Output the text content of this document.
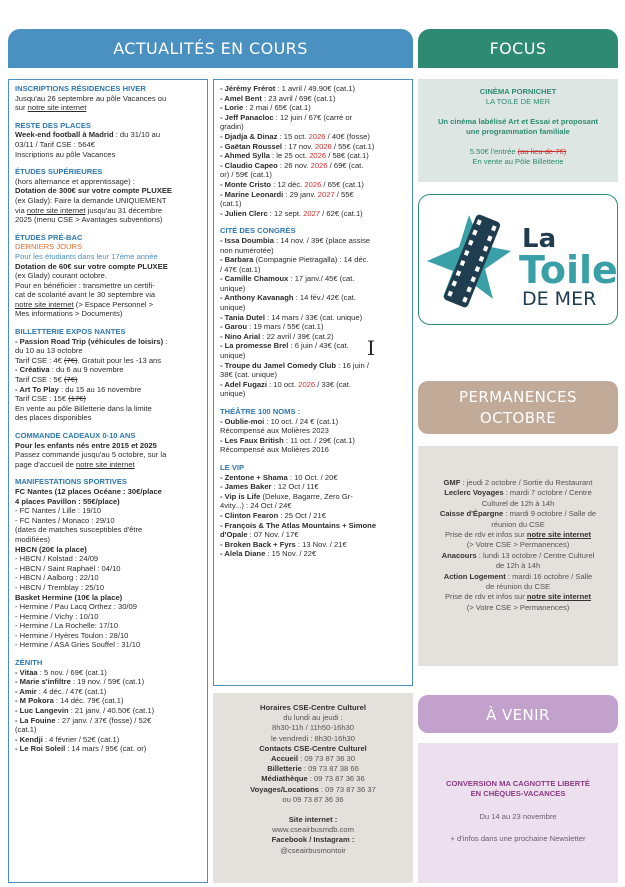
ACTUALITÉS EN COURS	FOCUS
PERMANENCES
OCTOBRE
À VENIR
INSCRIPTIONS RÉSIDENCES HIVER
Jusqu'au 26 septembre au pôle Vacances ou
sur notre site internet
RESTE DES PLACES
Week-end football à Madrid : du 31/10 au
03/11 / Tarif CSE : 564€
Inscriptions au pôle Vacances
ÉTUDES SUPÉRIEURES
(hors alternance et apprentissage) :
Dotation de 300€ sur votre compte PLUXEE
(ex Glady): Faire la demande UNIQUEMENT
via notre site internet jusqu'au 31 décembre
2025 (menu CSE > Avantages subventions)
ÉTUDES PRÉ-BAC
DERNIERS JOURS
Pour les étudiants dans leur 17ème année
Dotation de 60€ sur votre compte PLUXEE
(ex Glady) courant octobre.
Pour en bénéficier : transmettre un certifi-
cat de scolarité avant le 30 septembre via
notre site internet (> Espace Personnel >
Mes informations > Documents)
BILLETTERIE EXPOS NANTES
- Passion Road Trip (véhicules de loisirs) :
du 10 au 13 octobre
Tarif CSE : 4€ (7€). Gratuit pour les -13 ans
- Créativa : du 6 au 9 novembre
Tarif CSE : 5€ (7€)
- Art To Play : du 15 au 16 novembre
Tarif CSE : 15€ (17€)
En vente au pôle Billetterie dans la limite
des places disponibles
COMMANDE CADEAUX 0-10 ANS
Pour les enfants nés entre 2015 et 2025
Passez commande jusqu'au 5 octobre, sur la
page d'accueil de notre site internet
MANIFESTATIONS SPORTIVES
FC Nantes (12 places Océane : 30€/place
4 places Pavillon : 55€/place)
- FC Nantes / Lille : 19/10
- FC Nantes / Monaco : 29/10
(dates de matches susceptibles d'être
modifiées)
HBCN (20€ la place)
- HBCN / Kolstad : 24/09
- HBCN / Saint Raphaël : 04/10
- HBCN / Aalborg : 22/10
- HBCN / Tremblay : 25/10
Basket Hermine (10€ la place)
- Hermine / Pau Lacq Orthez : 30/09
- Hermine / Vichy : 10/10
- Hermine / La Rochelle: 17/10
- Hermine / Hyères Toulon : 28/10
- Hermine / ASA Gries Souffel : 31/10
ZÉNITH
- Vitaa : 5 nov. / 69€ (cat.1)
- Marie s'infiltre : 19 nov. / 59€ (cat.1)
- Amir : 4 déc. / 47€ (cat.1)
- M Pokora : 14 déc. 79€ (cat.1)
- Luc Langevin : 21 janv. / 40.50€ (cat.1)
- La Fouine : 27 janv. / 37€ (fosse) / 52€
(cat.1)
- Kendji : 4 février / 52€ (cat.1)
- Le Roi Soleil : 14 mars / 95€ (cat. or)
- Jérémy Frérot : 1 avril / 49.90€ (cat.1)
- Amel Bent : 23 avril / 69€ (cat.1)
- Lorie : 2 mai / 65€ (cat.1)
- Jeff Panacloc : 12 juin / 67€ (carré or
gradin)
- Djadja & Dinaz : 15 oct. 2026 / 40€ (fosse)
- Gaëtan Roussel : 17 nov. 2026 / 55€ (cat.1)
- Ahmed Sylla : le 25 oct. 2026 / 58€ (cat.1)
- Claudio Capeo : 26 nov. 2026 / 69€ (cat.
or) / 59€ (cat.1)
- Monte Cristo : 12 déc. 2026 / 65€ (cat.1)
- Marine Leonardi : 29 janv. 2027 / 55€
(cat.1)
- Julien Clerc : 12 sept. 2027 / 62€ (cat.1)
CITÉ DES CONGRÈS
- Issa Doumbia : 14 nov. / 39€ (place assise
non numérotée)
- Barbara (Compagnie Pietragalla) : 14 déc.
/ 47€ (cat.1)
- Camille Chamoux : 17 janv./ 45€ (cat.
unique)
- Anthony Kavanagh : 14 fév./ 42€ (cat.
unique)
- Tania Dutel : 14 mars / 33€ (cat. unique)
- Garou : 19 mars / 55€ (cat.1)
- Nino Arial : 22 avril / 39€ (cat.2)
- La promesse Brel : 6 juin / 43€ (cat.
unique)
- Troupe du Jamel Comedy Club : 16 juin /
38€ (cat. unique)
- Adel Fugazi : 10 oct. 2026 / 33€ (cat.
unique)
THÉÂTRE 100 NOMS :
- Oublie-moi : 10 oct. / 24 € (cat.1)
Récompensé aux Molières 2023
- Les Faux British : 11 oct. / 29€ (cat.1)
Récompensé aux Molières 2016
LE VIP
- Zentone + Shama : 10 Oct. / 20€
- James Baker : 12 Oct / 11€
- Vip is Life (Deluxe, Bagarre, Zero Gr-
4vity...) : 24 Oct / 24€
- Clinton Fearon : 25 Oct / 21€
- François & The Atlas Mountains + Simone
d'Opale : 07 Nov. / 17€
- Broken Back + Fyrs : 13 Nov. / 21€
- Alela Diane : 15 Nov. / 22€
I
Horaires CSE-Centre Culturel
du lundi au jeudi :
8h30-11h / 11h50-16h30
le vendredi : 8h30-16h30
Contacts CSE-Centre Culturel
Accueil : 09 73 87 36 30
Billetterie : 09 73 87 38 66
Médiathèque : 09 73 87 36 36
Voyages/Locations : 09 73 87 36 37
ou 09 73 87 36 36
Site internet :
www.cseairbusmdb.com
Facebook / Instagram :
@cseairbusmontoir
CINÉMA PORNICHET
LA TOILE DE MER
Un cinéma labélisé Art et Essai et proposant
une programmation familiale
5.50€ l'entrée (au lieu de 7€)
En vente au Pôle Billetterie
La
Toile
DE MER
GMF : jeudi 2 octobre / Sortie du Restaurant
Leclerc Voyages : mardi 7 octobre / Centre
Culturel de 12h à 14h
Caisse d'Épargne : mardi 9 octobre / Salle de
réunion du CSE
Prise de rdv et infos sur notre site internet
(> Votre CSE > Permanences)
Anacours : lundi 13 octobre / Centre Culturel
de 12h à 14h
Action Logement : mardi 16 octobre / Salle
de réunion du CSE
Prise de rdv et infos sur notre site internet
(> Votre CSE > Permanences)
CONVERSION MA CAGNOTTE LIBERTÉ
EN CHÈQUES-VACANCES
Du 14 au 23 novembre
+ d'infos dans une prochaine Newsletter
